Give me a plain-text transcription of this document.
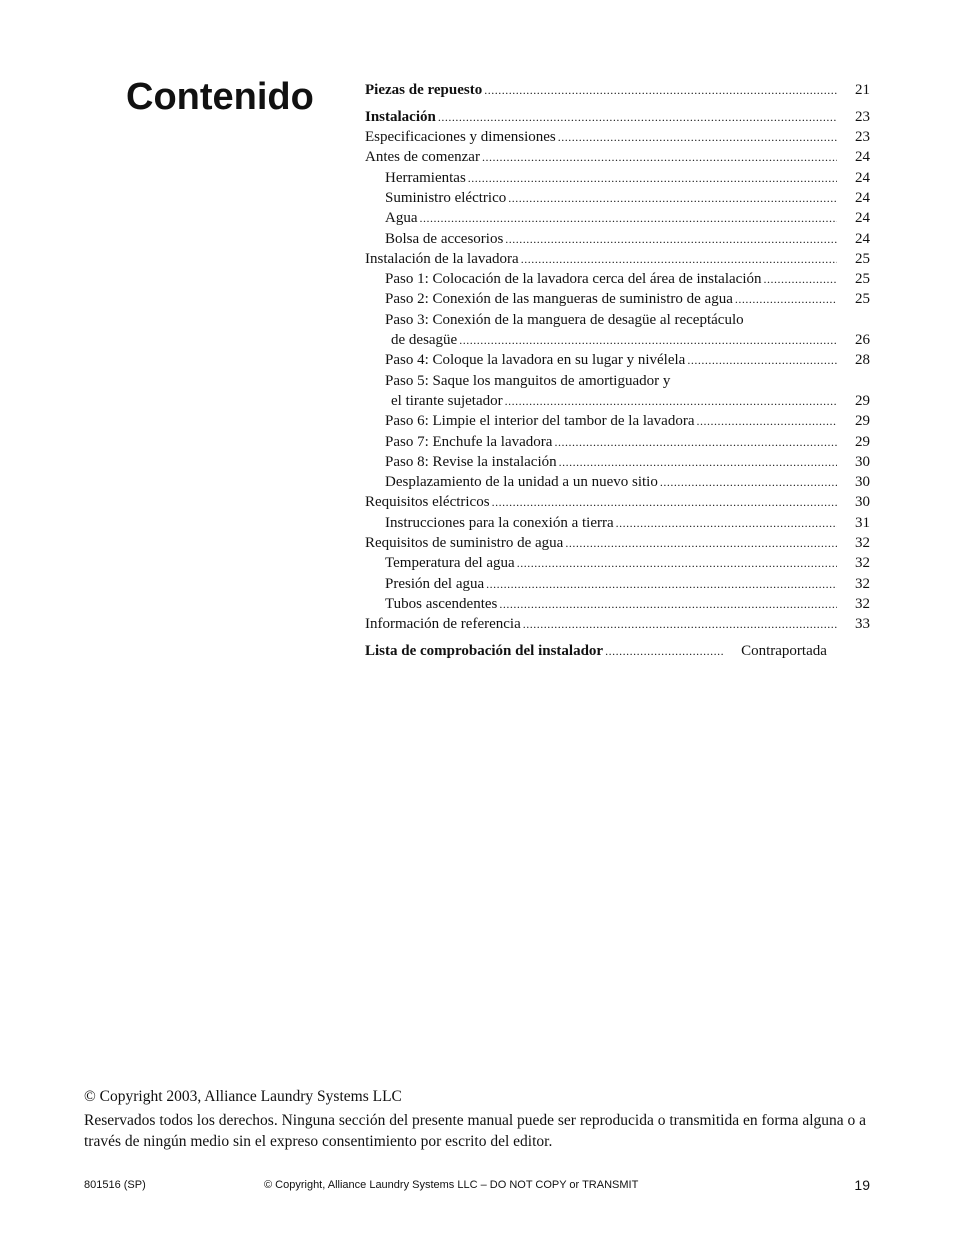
Contenido	Piezas de repuesto .....	21
Instalación .....	23
Especificaciones y dimensiones .....	23
Antes de comenzar .....	24
Herramientas .....	24
Suministro eléctrico .....	24
Agua .....	24
Bolsa de accesorios .....	24
Instalación de la lavadora .....	25
Paso 1: Colocación de la lavadora cerca del área de instalación .....	25
Paso 2: Conexión de las mangueras de suministro de agua .....	25
Paso 3: Conexión de la manguera de desagüe al receptáculo
de desagüe .....	26
Paso 4: Coloque la lavadora en su lugar y nivélela .....	28
Paso 5: Saque los manguitos de amortiguador y
el tirante sujetador .....	29
Paso 6: Limpie el interior del tambor de la lavadora .....	29
Paso 7: Enchufe la lavadora .....	29
Paso 8: Revise la instalación .....	30
Desplazamiento de la unidad a un nuevo sitio .....	30
Requisitos eléctricos .....	30
Instrucciones para la conexión a tierra .....	31
Requisitos de suministro de agua .....	32
Temperatura del agua .....	32
Presión del agua .....	32
Tubos ascendentes .....	32
Información de referencia .....	33
Lista de comprobación del instalador .....	Contraportada

© Copyright 2003, Alliance Laundry Systems LLC

Reservados todos los derechos. Ninguna sección del presente manual puede ser reproducida o transmitida en forma alguna o a través de ningún medio sin el expreso consentimiento por escrito del editor.

801516 (SP)	© Copyright, Alliance Laundry Systems LLC – DO NOT COPY or TRANSMIT	19
